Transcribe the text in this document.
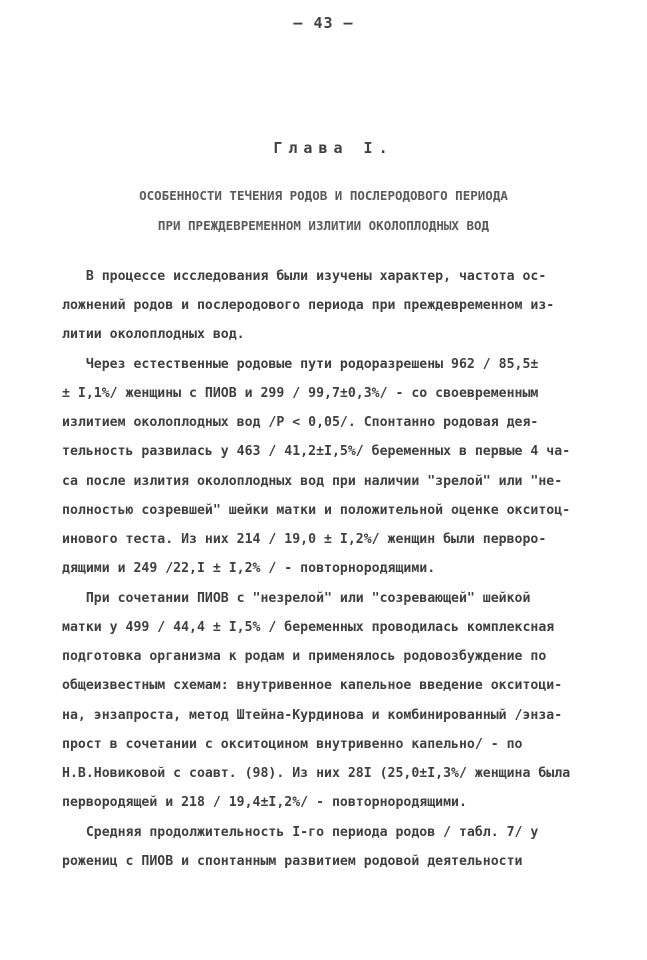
– 43 –
Глава I.
ОСОБЕННОСТИ ТЕЧЕНИЯ РОДОВ И ПОСЛЕРОДОВОГО ПЕРИОДА
ПРИ ПРЕЖДЕВРЕМЕННОМ ИЗЛИТИИ ОКОЛОПЛОДНЫХ ВОД
В процессе исследования были изучены характер, частота ос-
ложнений родов и послеродового периода при преждевременном из-
литии околоплодных вод.
Через естественные родовые пути родоразрешены 962 / 85,5±
± I,1%/ женщины с ПИОВ и 299 / 99,7±0,3%/ - со своевременным
излитием околоплодных вод /Р < 0,05/. Спонтанно родовая дея-
тельность развилась у 463 / 41,2±I,5%/ беременных в первые 4 ча-
са после излития околоплодных вод при наличии "зрелой" или "не-
полностью созревшей" шейки матки и положительной оценке окситоц-
инового теста. Из них 214 / 19,0 ± I,2%/ женщин были перворо-
дящими и 249 /22,I ± I,2% / - повторнородящими.
При сочетании ПИОВ с "незрелой" или "созревающей" шейкой
матки у 499 / 44,4 ± I,5% / беременных проводилась комплексная
подготовка организма к родам и применялось родовозбуждение по
общеизвестным схемам: внутривенное капельное введение окситоци-
на, энзапроста, метод Штейна-Курдинова и комбинированный /энза-
прост в сочетании с окситоцином внутривенно капельно/ - по
Н.В.Новиковой с соавт. (98). Из них 28I (25,0±I,3%/ женщина была
первородящей и 218 / 19,4±I,2%/ - повторнородящими.
Средняя продолжительность I-го периода родов / табл. 7/ у
рожениц с ПИОВ и спонтанным развитием родовой деятельности
